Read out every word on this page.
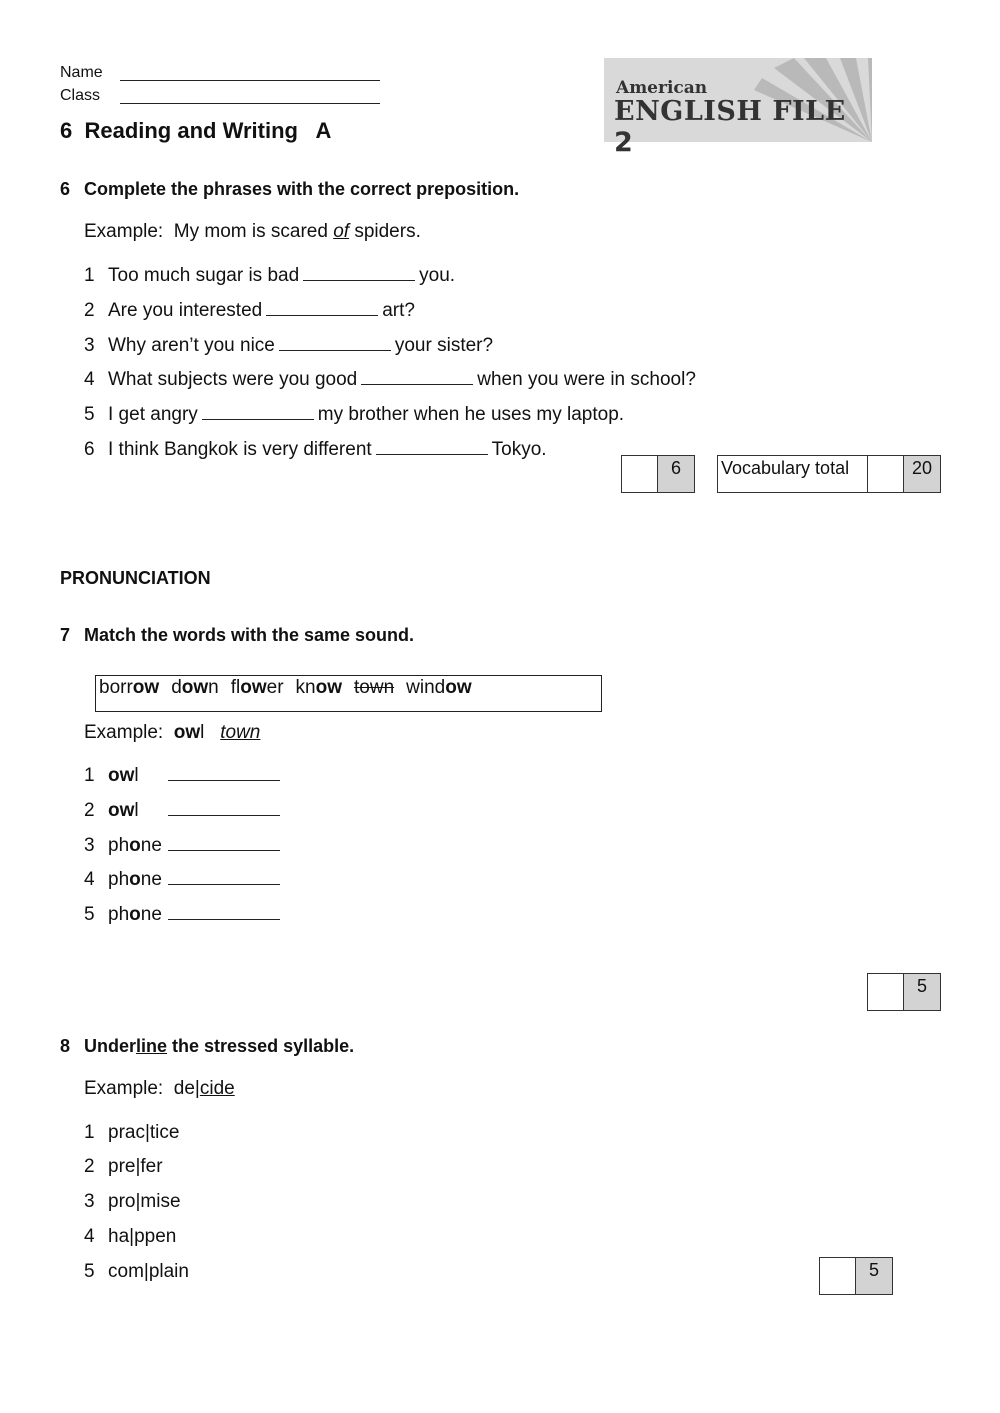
Name
Class
6  Reading and Writing   A
American
ENGLISH FILE 2
6 Complete the phrases with the correct preposition.
Example: My mom is scared of spiders.
1 Too much sugar is bad	you.
2 Are you interested	art?
3 Why aren’t you nice	your sister?
4 What subjects were you good	when you were in school?
5 I get angry	my brother when he uses my laptop.
6 I think Bangkok is very different	Tokyo.
6	Vocabulary total	20
PRONUNCIATION
7 Match the words with the same sound.
borrow down flower know town window
Example: owl town
1 owl
2 owl
3 phone
4 phone
5 phone
5
8 Underline the stressed syllable.
Example: de|cide
1 prac|tice
2 pre|fer
3 pro|mise
4 ha|ppen
5 com|plain	5
